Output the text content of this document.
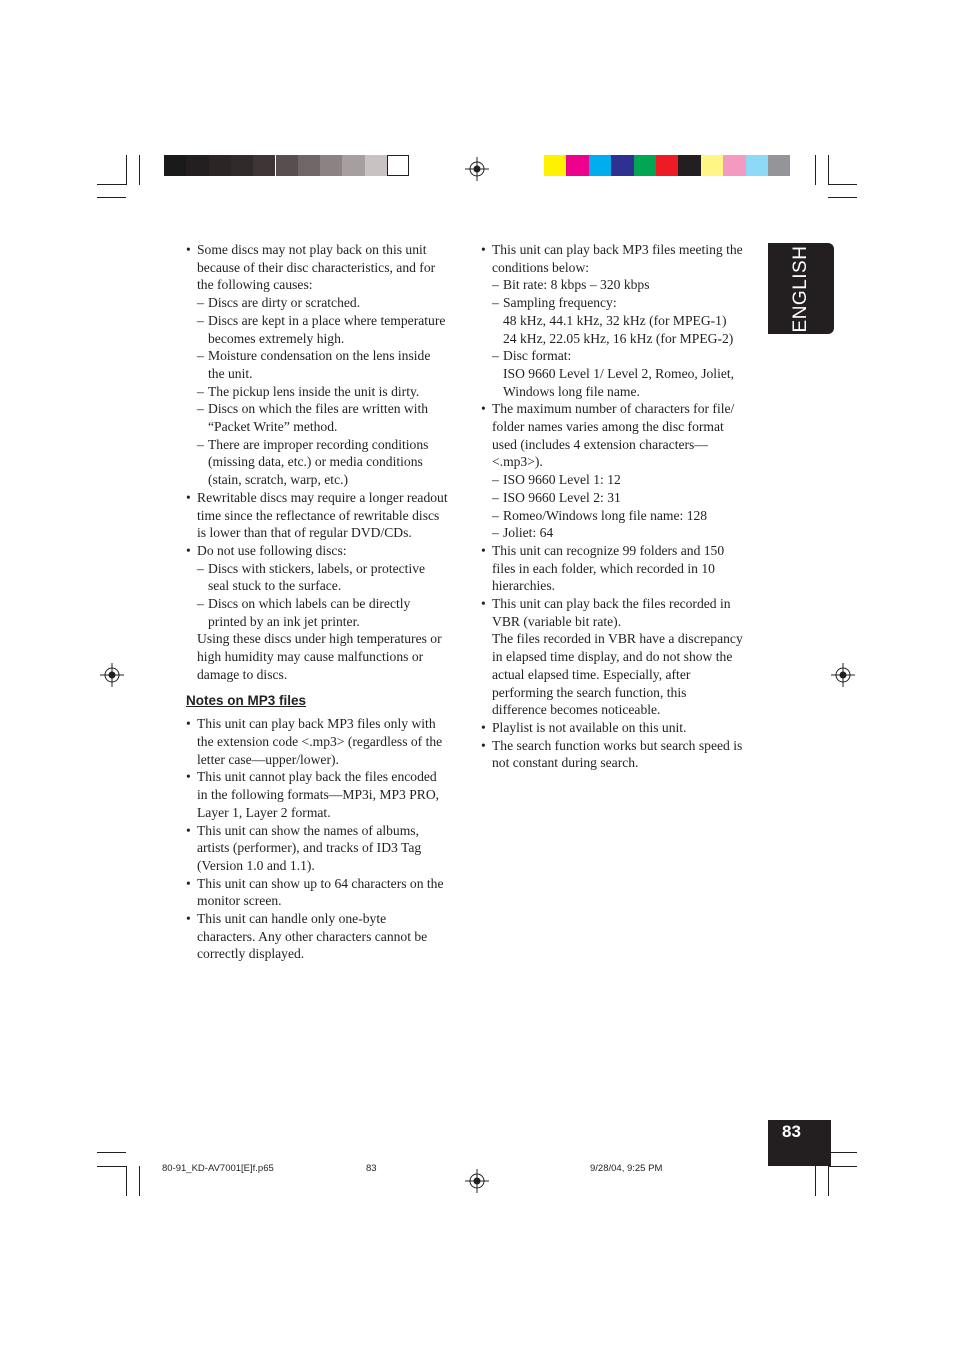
ENGLISH
• Some discs may not play back on this unit
because of their disc characteristics, and for
the following causes:
– Discs are dirty or scratched.
– Discs are kept in a place where temperature
becomes extremely high.
– Moisture condensation on the lens inside
the unit.
– The pickup lens inside the unit is dirty.
– Discs on which the files are written with
“Packet Write” method.
– There are improper recording conditions
(missing data, etc.) or media conditions
(stain, scratch, warp, etc.)
• Rewritable discs may require a longer readout
time since the reflectance of rewritable discs
is lower than that of regular DVD/CDs.
• Do not use following discs:
– Discs with stickers, labels, or protective
seal stuck to the surface.
– Discs on which labels can be directly
printed by an ink jet printer.
Using these discs under high temperatures or
high humidity may cause malfunctions or
damage to discs.
Notes on MP3 files
• This unit can play back MP3 files only with
the extension code <.mp3> (regardless of the
letter case—upper/lower).
• This unit cannot play back the files encoded
in the following formats—MP3i, MP3 PRO,
Layer 1, Layer 2 format.
• This unit can show the names of albums,
artists (performer), and tracks of ID3 Tag
(Version 1.0 and 1.1).
• This unit can show up to 64 characters on the
monitor screen.
• This unit can handle only one-byte
characters. Any other characters cannot be
correctly displayed.
• This unit can play back MP3 files meeting the
conditions below:
– Bit rate: 8 kbps – 320 kbps
– Sampling frequency:
48 kHz, 44.1 kHz, 32 kHz (for MPEG-1)
24 kHz, 22.05 kHz, 16 kHz (for MPEG-2)
– Disc format:
ISO 9660 Level 1/ Level 2, Romeo, Joliet,
Windows long file name.
• The maximum number of characters for file/
folder names varies among the disc format
used (includes 4 extension characters—
<.mp3>).
– ISO 9660 Level 1: 12
– ISO 9660 Level 2: 31
– Romeo/Windows long file name: 128
– Joliet: 64
• This unit can recognize 99 folders and 150
files in each folder, which recorded in 10
hierarchies.
• This unit can play back the files recorded in
VBR (variable bit rate).
The files recorded in VBR have a discrepancy
in elapsed time display, and do not show the
actual elapsed time. Especially, after
performing the search function, this
difference becomes noticeable.
• Playlist is not available on this unit.
• The search function works but search speed is
not constant during search.
83
80-91_KD-AV7001[E]f.p65	83	9/28/04, 9:25 PM
